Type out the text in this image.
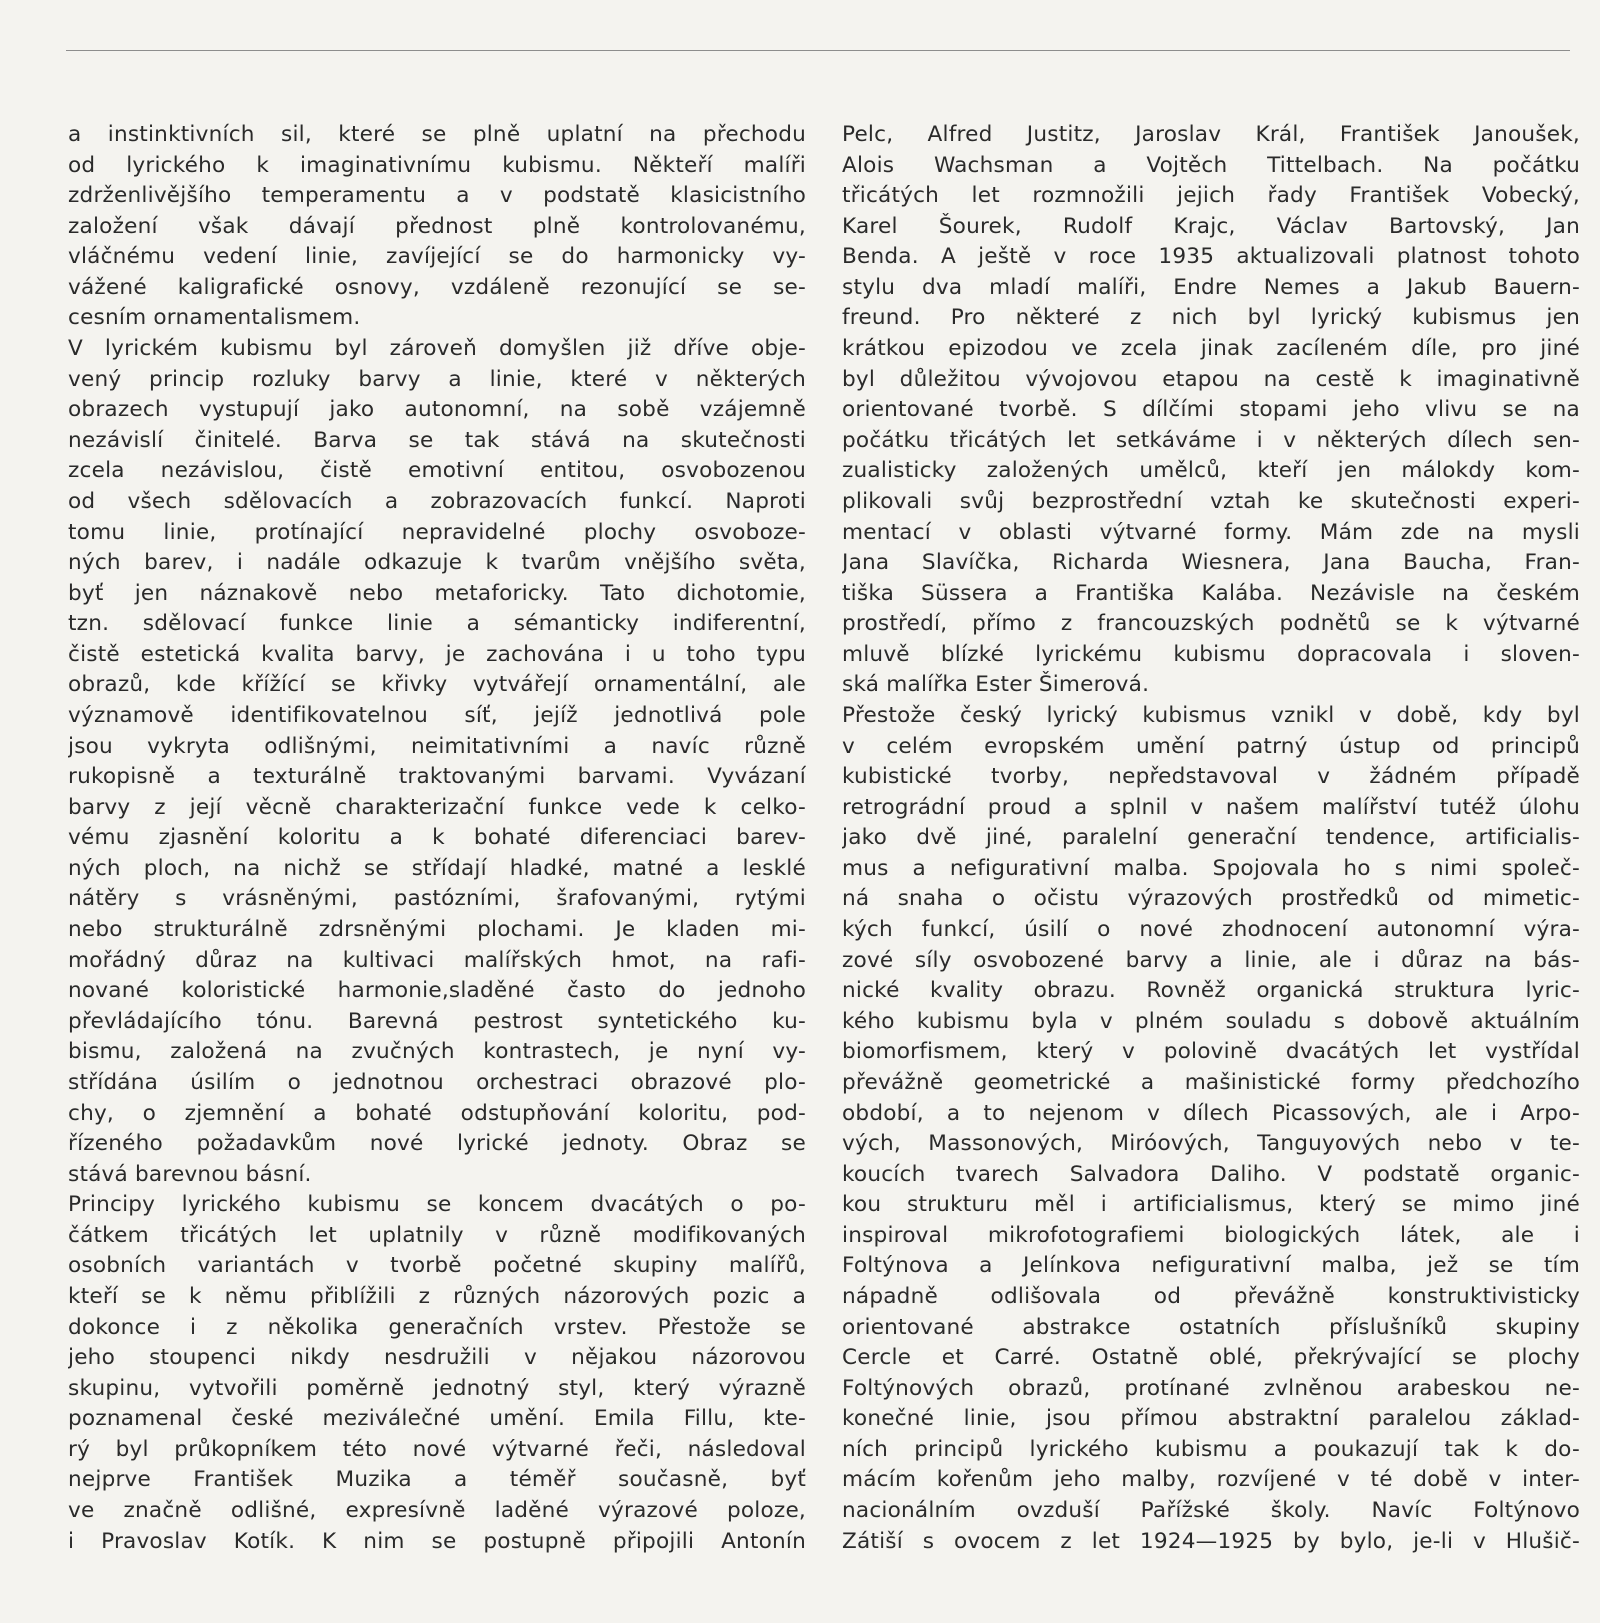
a instinktivních sil, které se plně uplatní na přechodu
od lyrického k imaginativnímu kubismu. Někteří malíři
zdrženlivějšího temperamentu a v podstatě klasicistního
založení však dávají přednost plně kontrolovanému,
vláčnému vedení linie, zavíjející se do harmonicky vy-
vážené kaligrafické osnovy, vzdáleně rezonující se se-
cesním ornamentalismem.
V lyrickém kubismu byl zároveň domyšlen již dříve obje-
vený princip rozluky barvy a linie, které v některých
obrazech vystupují jako autonomní, na sobě vzájemně
nezávislí činitelé. Barva se tak stává na skutečnosti
zcela nezávislou, čistě emotivní entitou, osvobozenou
od všech sdělovacích a zobrazovacích funkcí. Naproti
tomu linie, protínající nepravidelné plochy osvoboze-
ných barev, i nadále odkazuje k tvarům vnějšího světa,
byť jen náznakově nebo metaforicky. Tato dichotomie,
tzn. sdělovací funkce linie a sémanticky indiferentní,
čistě estetická kvalita barvy, je zachována i u toho typu
obrazů, kde křížící se křivky vytvářejí ornamentální, ale
významově identifikovatelnou síť, jejíž jednotlivá pole
jsou vykryta odlišnými, neimitativními a navíc různě
rukopisně a texturálně traktovanými barvami. Vyvázaní
barvy z její věcně charakterizační funkce vede k celko-
vému zjasnění koloritu a k bohaté diferenciaci barev-
ných ploch, na nichž se střídají hladké, matné a lesklé
nátěry s vrásněnými, pastózními, šrafovanými, rytými
nebo strukturálně zdrsněnými plochami. Je kladen mi-
mořádný důraz na kultivaci malířských hmot, na rafi-
nované koloristické harmonie,sladěné často do jednoho
převládajícího tónu. Barevná pestrost syntetického ku-
bismu, založená na zvučných kontrastech, je nyní vy-
střídána úsilím o jednotnou orchestraci obrazové plo-
chy, o zjemnění a bohaté odstupňování koloritu, pod-
řízeného požadavkům nové lyrické jednoty. Obraz se
stává barevnou básní.
Principy lyrického kubismu se koncem dvacátých o po-
čátkem třicátých let uplatnily v různě modifikovaných
osobních variantách v tvorbě početné skupiny malířů,
kteří se k němu přiblížili z různých názorových pozic a
dokonce i z několika generačních vrstev. Přestože se
jeho stoupenci nikdy nesdružili v nějakou názorovou
skupinu, vytvořili poměrně jednotný styl, který výrazně
poznamenal české meziválečné umění. Emila Fillu, kte-
rý byl průkopníkem této nové výtvarné řeči, následoval
nejprve František Muzika a téměř současně, byť
ve značně odlišné, expresívně laděné výrazové poloze,
i Pravoslav Kotík. K nim se postupně připojili Antonín
Pelc, Alfred Justitz, Jaroslav Král, František Janoušek,
Alois Wachsman a Vojtěch Tittelbach. Na počátku
třicátých let rozmnožili jejich řady František Vobecký,
Karel Šourek, Rudolf Krajc, Václav Bartovský, Jan
Benda. A ještě v roce 1935 aktualizovali platnost tohoto
stylu dva mladí malíři, Endre Nemes a Jakub Bauern-
freund. Pro některé z nich byl lyrický kubismus jen
krátkou epizodou ve zcela jinak zacíleném díle, pro jiné
byl důležitou vývojovou etapou na cestě k imaginativně
orientované tvorbě. S dílčími stopami jeho vlivu se na
počátku třicátých let setkáváme i v některých dílech sen-
zualisticky založených umělců, kteří jen málokdy kom-
plikovali svůj bezprostřední vztah ke skutečnosti experi-
mentací v oblasti výtvarné formy. Mám zde na mysli
Jana Slavíčka, Richarda Wiesnera, Jana Baucha, Fran-
tiška Süssera a Františka Kalába. Nezávisle na českém
prostředí, přímo z francouzských podnětů se k výtvarné
mluvě blízké lyrickému kubismu dopracovala i sloven-
ská malířka Ester Šimerová.
Přestože český lyrický kubismus vznikl v době, kdy byl
v celém evropském umění patrný ústup od principů
kubistické tvorby, nepředstavoval v žádném případě
retrográdní proud a splnil v našem malířství tutéž úlohu
jako dvě jiné, paralelní generační tendence, artificialis-
mus a nefigurativní malba. Spojovala ho s nimi společ-
ná snaha o očistu výrazových prostředků od mimetic-
kých funkcí, úsilí o nové zhodnocení autonomní výra-
zové síly osvobozené barvy a linie, ale i důraz na bás-
nické kvality obrazu. Rovněž organická struktura lyric-
kého kubismu byla v plném souladu s dobově aktuálním
biomorfismem, který v polovině dvacátých let vystřídal
převážně geometrické a mašinistické formy předchozího
období, a to nejenom v dílech Picassových, ale i Arpo-
vých, Massonových, Miróových, Tanguyových nebo v te-
koucích tvarech Salvadora Daliho. V podstatě organic-
kou strukturu měl i artificialismus, který se mimo jiné
inspiroval mikrofotografiemi biologických látek, ale i
Foltýnova a Jelínkova nefigurativní malba, jež se tím
nápadně odlišovala od převážně konstruktivisticky
orientované abstrakce ostatních příslušníků skupiny
Cercle et Carré. Ostatně oblé, překrývající se plochy
Foltýnových obrazů, protínané zvlněnou arabeskou ne-
konečné linie, jsou přímou abstraktní paralelou základ-
ních principů lyrického kubismu a poukazují tak k do-
mácím kořenům jeho malby, rozvíjené v té době v inter-
nacionálním ovzduší Pařížské školy. Navíc Foltýnovo
Zátiší s ovocem z let 1924—1925 by bylo, je-li v Hlušič-
